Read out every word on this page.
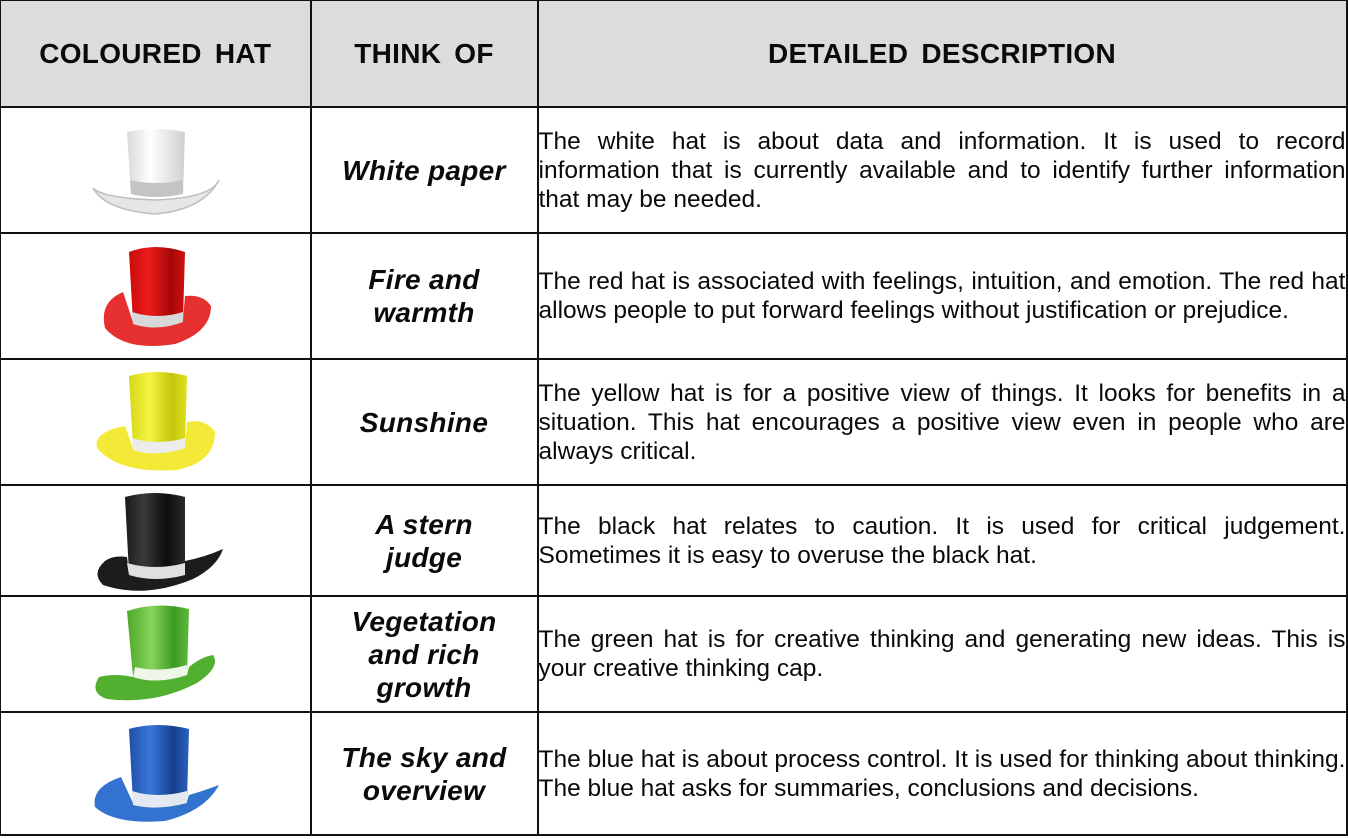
COLOURED HAT	THINK OF	DETAILED DESCRIPTION

	White paper	The white hat is about data and information. It is used to record information that is currently available and to identify further information that may be needed.

	Fire and warmth	The red hat is associated with feelings, intuition, and emotion. The red hat allows people to put forward feelings without justification or prejudice.

	Sunshine	The yellow hat is for a positive view of things. It looks for benefits in a situation. This hat encourages a positive view even in people who are always critical.

	A stern judge	The black hat relates to caution. It is used for critical judgement. Sometimes it is easy to overuse the black hat.

	Vegetation and rich growth	The green hat is for creative thinking and generating new ideas. This is your creative thinking cap.

	The sky and overview	The blue hat is about process control. It is used for thinking about thinking. The blue hat asks for summaries, conclusions and decisions.
